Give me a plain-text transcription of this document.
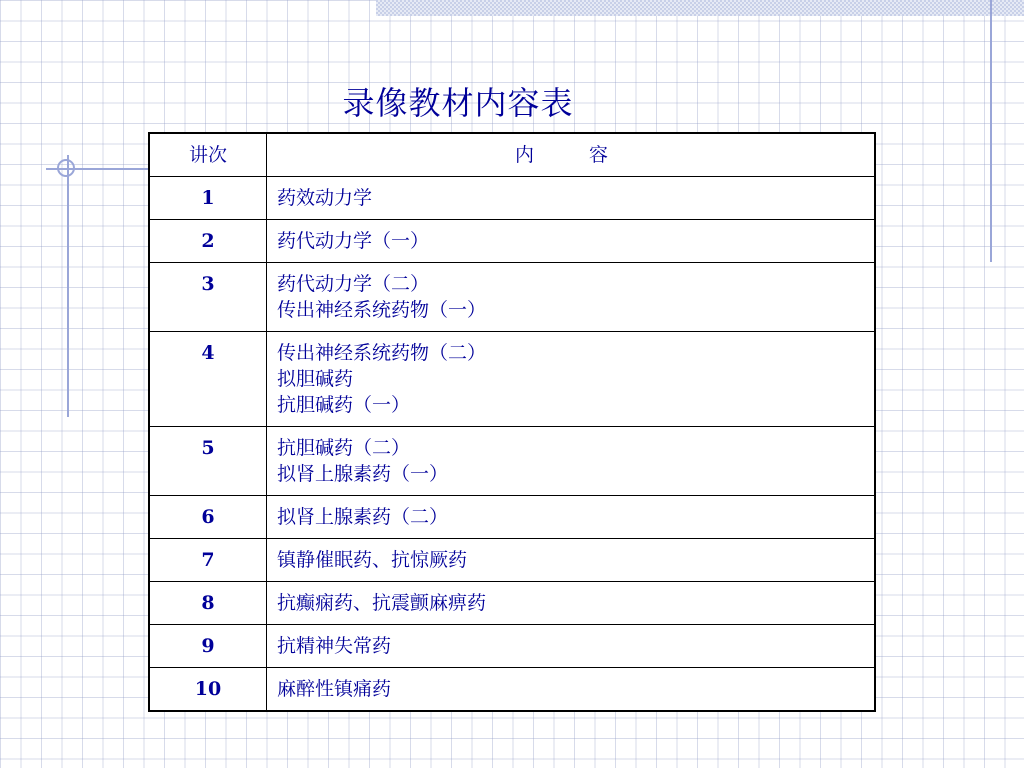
录像教材内容表
讲次	内　容
1	药效动力学

2	药代动力学（一）

3	药代动力学（二）
传出神经系统药物（一）

4	传出神经系统药物（二）
拟胆碱药
抗胆碱药（一）

5	抗胆碱药（二）
拟肾上腺素药（一）

6	拟肾上腺素药（二）

7	镇静催眠药、抗惊厥药

8	抗癫痫药、抗震颤麻痹药

9	抗精神失常药

10	麻醉性镇痛药
